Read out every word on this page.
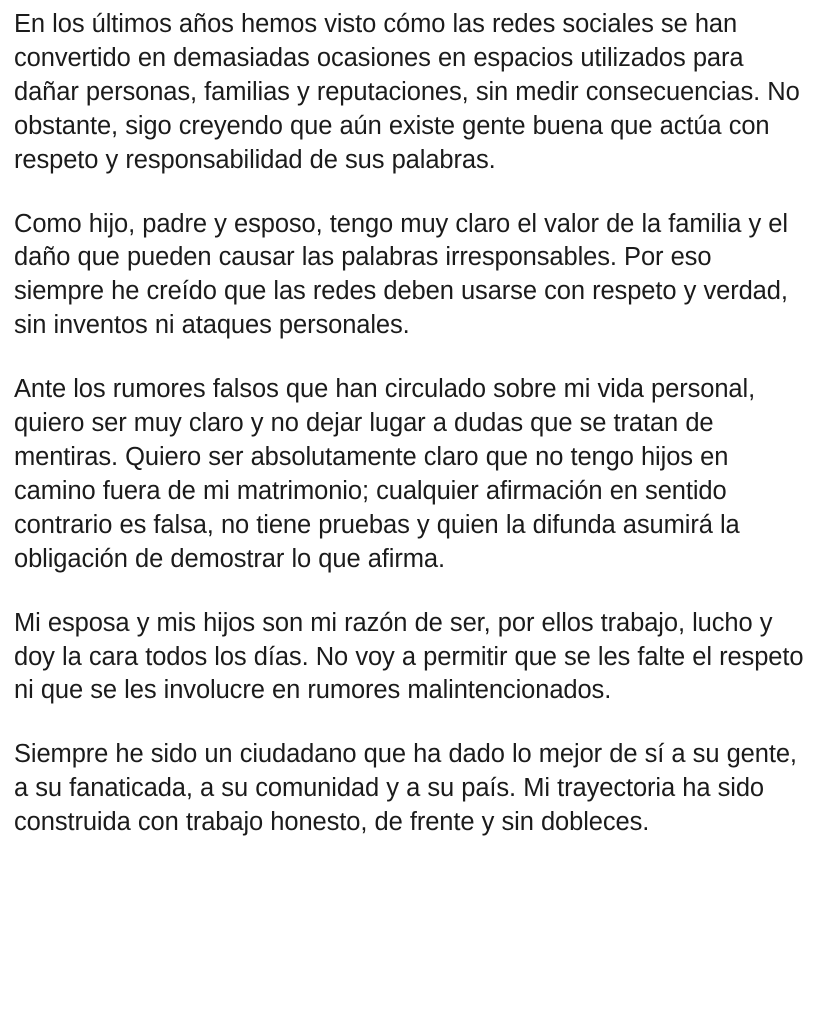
En los últimos años hemos visto cómo las redes sociales se han convertido en demasiadas ocasiones en espacios utilizados para dañar personas, familias y reputaciones, sin medir consecuencias. No obstante, sigo creyendo que aún existe gente buena que actúa con respeto y responsabilidad de sus palabras.

Como hijo, padre y esposo, tengo muy claro el valor de la familia y el daño que pueden causar las palabras irresponsables. Por eso siempre he creído que las redes deben usarse con respeto y verdad, sin inventos ni ataques personales.

Ante los rumores falsos que han circulado sobre mi vida personal, quiero ser muy claro y no dejar lugar a dudas que se tratan de mentiras. Quiero ser absolutamente claro que no tengo hijos en camino fuera de mi matrimonio; cualquier afirmación en sentido contrario es falsa, no tiene pruebas y quien la difunda asumirá la obligación de demostrar lo que afirma.

Mi esposa y mis hijos son mi razón de ser, por ellos trabajo, lucho y doy la cara todos los días. No voy a permitir que se les falte el respeto ni que se les involucre en rumores malintencionados.

Siempre he sido un ciudadano que ha dado lo mejor de sí a su gente, a su fanaticada, a su comunidad y a su país. Mi trayectoria ha sido construida con trabajo honesto, de frente y sin dobleces.
